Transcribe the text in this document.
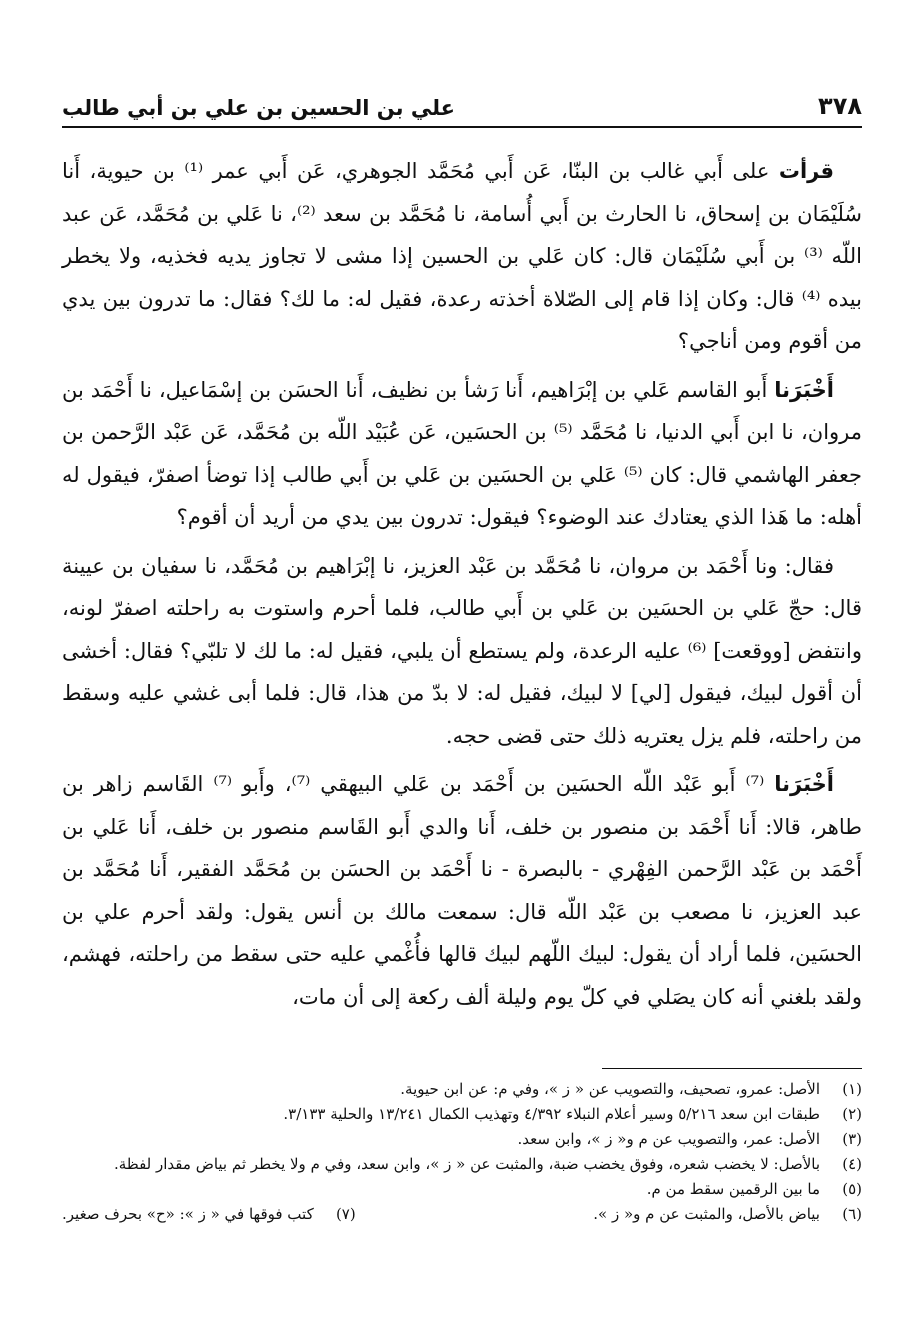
٣٧٨
علي بن الحسين بن علي بن أبي طالب

قرأت على أَبي غالب بن البنّا، عَن أَبي مُحَمَّد الجوهري، عَن أَبي عمر ⁽¹⁾ بن حيوية، أَنا سُلَيْمَان بن إسحاق، نا الحارث بن أَبي أُسامة، نا مُحَمَّد بن سعد ⁽²⁾، نا عَلي بن مُحَمَّد، عَن عبد اللّه ⁽³⁾ بن أَبي سُلَيْمَان قال: كان عَلي بن الحسين إذا مشى لا تجاوز يديه فخذيه، ولا يخطر بيده ⁽⁴⁾ قال: وكان إذا قام إلى الصّلاة أخذته رعدة، فقيل له: ما لك؟ فقال: ما تدرون بين يدي من أقوم ومن أناجي؟

أَخْبَرَنا أَبو القاسم عَلي بن إبْرَاهيم، أَنا رَشأ بن نظيف، أَنا الحسَن بن إسْمَاعيل، نا أَحْمَد بن مروان، نا ابن أَبي الدنيا، نا مُحَمَّد ⁽⁵⁾ بن الحسَين، عَن عُبَيْد اللّه بن مُحَمَّد، عَن عَبْد الرَّحمن بن جعفر الهاشمي قال: كان ⁽⁵⁾ عَلي بن الحسَين بن عَلي بن أَبي طالب إذا توضأ اصفرّ، فيقول له أهله: ما هَذا الذي يعتادك عند الوضوء؟ فيقول: تدرون بين يدي من أريد أن أقوم؟

فقال: ونا أَحْمَد بن مروان، نا مُحَمَّد بن عَبْد العزيز، نا إبْرَاهيم بن مُحَمَّد، نا سفيان بن عيينة قال: حجّ عَلي بن الحسَين بن عَلي بن أَبي طالب، فلما أحرم واستوت به راحلته اصفرّ لونه، وانتفض [ووقعت] ⁽⁶⁾ عليه الرعدة، ولم يستطع أن يلبي، فقيل له: ما لك لا تلبّي؟ فقال: أخشى أن أقول لبيك، فيقول [لي] لا لبيك، فقيل له: لا بدّ من هذا، قال: فلما أبى غشي عليه وسقط من راحلته، فلم يزل يعتريه ذلك حتى قضى حجه.

أَخْبَرَنا ⁽⁷⁾ أَبو عَبْد اللّه الحسَين بن أَحْمَد بن عَلي البيهقي ⁽⁷⁾، وأَبو ⁽⁷⁾ القَاسم زاهر بن طاهر، قالا: أَنا أَحْمَد بن منصور بن خلف، أَنا والدي أَبو القَاسم منصور بن خلف، أَنا عَلي بن أَحْمَد بن عَبْد الرَّحمن الفِهْري - بالبصرة - نا أَحْمَد بن الحسَن بن مُحَمَّد الفقير، أَنا مُحَمَّد بن عبد العزيز، نا مصعب بن عَبْد اللّه قال: سمعت مالك بن أنس يقول: ولقد أحرم علي بن الحسَين، فلما أراد أن يقول: لبيك اللّهم لبيك قالها فأُغْمي عليه حتى سقط من راحلته، فهشم، ولقد بلغني أنه كان يصَلي في كلّ يوم وليلة ألف ركعة إلى أن مات،

(١)
الأصل: عمرو، تصحيف، والتصويب عن « ز »، وفي م: عن ابن حيوية.
(٢)
طبقات ابن سعد ٥/٢١٦ وسير أعلام النبلاء ٤/٣٩٢ وتهذيب الكمال ١٣/٢٤١ والحلية ٣/١٣٣.
(٣)
الأصل: عمر، والتصويب عن م و« ز »، وابن سعد.
(٤)
بالأصل: لا يخضب شعره، وفوق يخضب ضبة، والمثبت عن « ز »، وابن سعد، وفي م ولا يخطر ثم بياض مقدار لفظة.
(٥)
ما بين الرقمين سقط من م.
(٦)
بياض بالأصل، والمثبت عن م و« ز ».
(٧)
كتب فوقها في « ز »: «ح» بحرف صغير.
